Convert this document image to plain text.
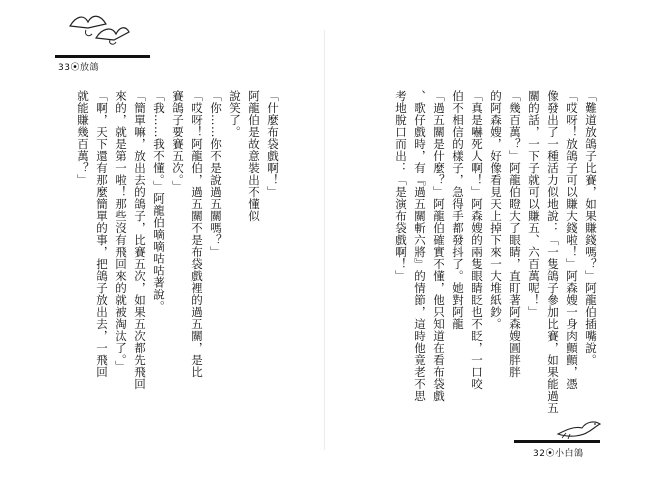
33⦿放鴿
「什麼布袋戲啊！」
阿龍伯是故意裝出不懂似
說笑了。
「你……你不是說過五關嗎？」
「哎呀！阿龍伯，過五關不是布袋戲裡的過五關，是比
賽鴿子要賽五次。」
「我……我不懂。」阿龍伯嘀嘀咕咕著說。
「簡單嘛，放出去的鴿子，比賽五次，如果五次都先飛回
來的，就是第一啦！那些沒有飛回來的就被淘汰了。」
「啊，天下還有那麼簡單的事，把鴿子放出去，一飛回
就能賺幾百萬？」	「難道放鴿子比賽，如果賺錢嗎？」阿龍伯插嘴說。
「哎呀！放鴿子可以賺大錢啦！」阿森嫂一身肉顫顫，憑
像發出了一種活力似地說：「一隻鴿子參加比賽，如果能過五
關的話，一下子就可以賺五、六百萬呢！」
「幾百萬？」阿龍伯瞪大了眼睛，直盯著阿森嫂圓胖胖
的阿森嫂，好像看見天上掉下來一大堆紙鈔。
「真是嚇死人啊！」阿森嫂的兩隻眼睛眨也不眨，一口咬
伯不相信的樣子，急得手都發抖了。她對阿龍
「過五關是什麼？」阿龍伯確實不懂，他只知道在看布袋戲
、歌仔戲時，有『過五關斬六將』的情節，這時他竟老不思
考地脫口而出：「是演布袋戲啊！」
32⦿小白鴿
